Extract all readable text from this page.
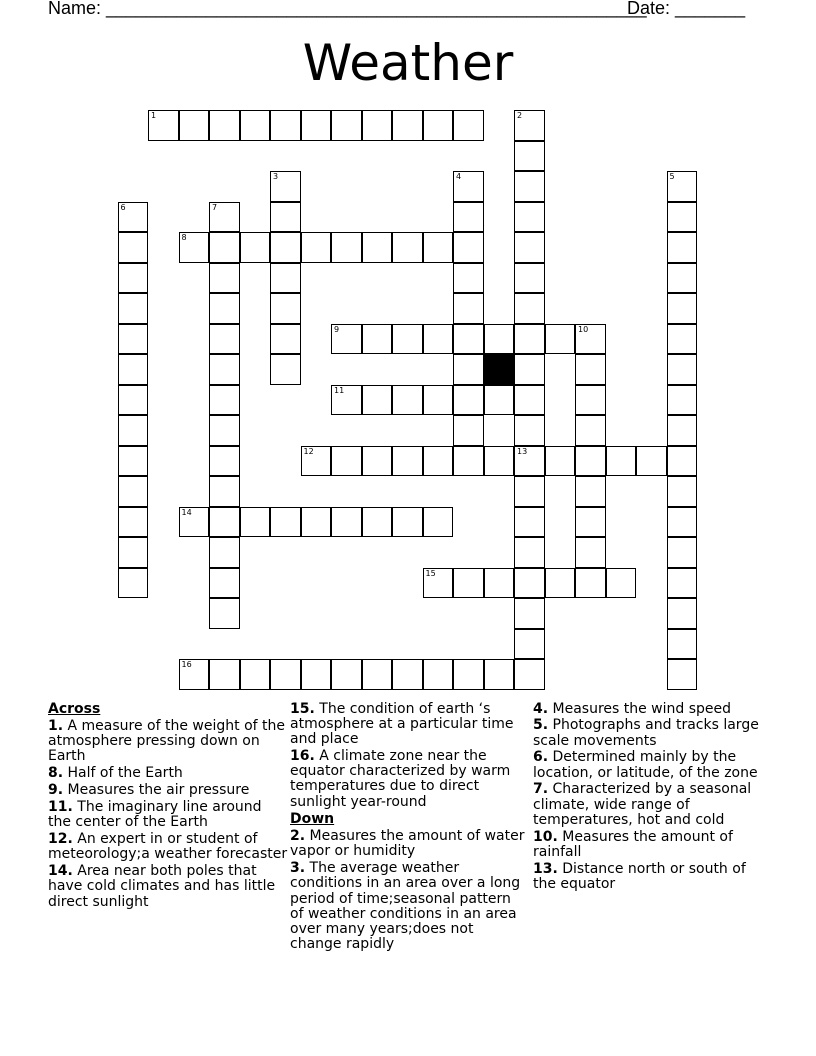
Name: ______________________________________________________
Date: _______
Weather
1	2
13
3	4	5
6	7
8
9	10
11
12
14
15
16
Across
1. A measure of the weight of the atmosphere pressing down on Earth
8. Half of the Earth
9. Measures the air pressure
11. The imaginary line around the center of the Earth
12. An expert in or student of meteorology;a weather forecaster
14. Area near both poles that have cold climates and has little direct sunlight
15. The condition of earth ‘s atmosphere at a particular time and place
16. A climate zone near the equator characterized by warm temperatures due to direct sunlight year-round
Down
2. Measures the amount of water vapor or humidity
3. The average weather conditions in an area over a long period of time;seasonal pattern of weather conditions in an area over many years;does not change rapidly
4. Measures the wind speed
5. Photographs and tracks large scale movements
6. Determined mainly by the location, or latitude, of the zone
7. Characterized by a seasonal climate, wide range of temperatures, hot and cold
10. Measures the amount of rainfall
13. Distance north or south of the equator
